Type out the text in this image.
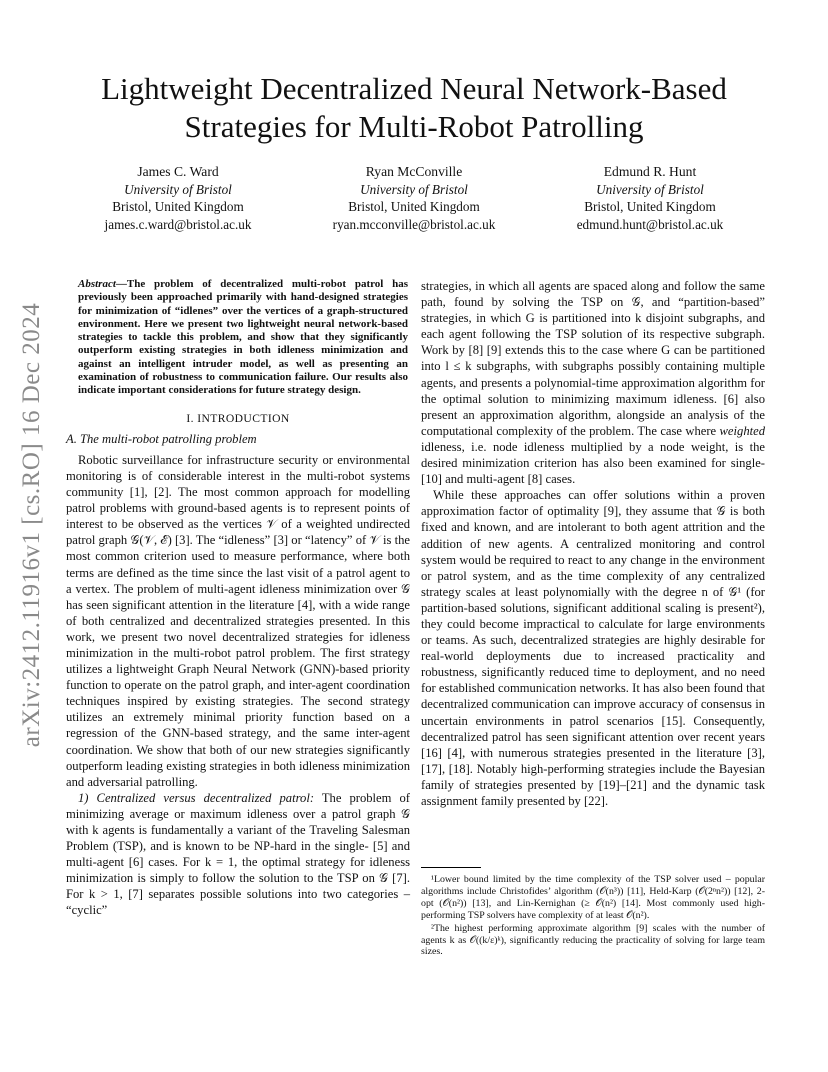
arXiv:2412.11916v1 [cs.RO] 16 Dec 2024
Lightweight Decentralized Neural Network-Based
Strategies for Multi-Robot Patrolling
James C. Ward
University of Bristol
Bristol, United Kingdom
james.c.ward@bristol.ac.uk
Ryan McConville
University of Bristol
Bristol, United Kingdom
ryan.mcconville@bristol.ac.uk
Edmund R. Hunt
University of Bristol
Bristol, United Kingdom
edmund.hunt@bristol.ac.uk

Abstract—The problem of decentralized multi-robot patrol has previously been approached primarily with hand-designed strategies for minimization of “idlenes” over the vertices of a graph-structured environment. Here we present two lightweight neural network-based strategies to tackle this problem, and show that they significantly outperform existing strategies in both idleness minimization and against an intelligent intruder model, as well as presenting an examination of robustness to communication failure. Our results also indicate important considerations for future strategy design.

I. INTRODUCTION
A. The multi-robot patrolling problem

Robotic surveillance for infrastructure security or environmental monitoring is of considerable interest in the multi-robot systems community [1], [2]. The most common approach for modelling patrol problems with ground-based agents is to represent points of interest to be observed as the vertices 𝒱 of a weighted undirected patrol graph 𝒢(𝒱, ℰ) [3]. The “idleness” [3] or “latency” of 𝒱 is the most common criterion used to measure performance, where both terms are defined as the time since the last visit of a patrol agent to a vertex. The problem of multi-agent idleness minimization over 𝒢 has seen significant attention in the literature [4], with a wide range of both centralized and decentralized strategies presented. In this work, we present two novel decentralized strategies for idleness minimization in the multi-robot patrol problem. The first strategy utilizes a lightweight Graph Neural Network (GNN)-based priority function to operate on the patrol graph, and inter-agent coordination techniques inspired by existing strategies. The second strategy utilizes an extremely minimal priority function based on a regression of the GNN-based strategy, and the same inter-agent coordination. We show that both of our new strategies significantly outperform leading existing strategies in both idleness minimization and adversarial patrolling.

1) Centralized versus decentralized patrol: The problem of minimizing average or maximum idleness over a patrol graph 𝒢 with k agents is fundamentally a variant of the Traveling Salesman Problem (TSP), and is known to be NP-hard in the single- [5] and multi-agent [6] cases. For k = 1, the optimal strategy for idleness minimization is simply to follow the solution to the TSP on 𝒢 [7]. For k > 1, [7] separates possible solutions into two categories – “cyclic”

strategies, in which all agents are spaced along and follow the same path, found by solving the TSP on 𝒢, and “partition-based” strategies, in which G is partitioned into k disjoint subgraphs, and each agent following the TSP solution of its respective subgraph. Work by [8] [9] extends this to the case where G can be partitioned into l ≤ k subgraphs, with subgraphs possibly containing multiple agents, and presents a polynomial-time approximation algorithm for the optimal solution to minimizing maximum idleness. [6] also present an approximation algorithm, alongside an analysis of the computational complexity of the problem. The case where weighted idleness, i.e. node idleness multiplied by a node weight, is the desired minimization criterion has also been examined for single- [10] and multi-agent [8] cases.

While these approaches can offer solutions within a proven approximation factor of optimality [9], they assume that 𝒢 is both fixed and known, and are intolerant to both agent attrition and the addition of new agents. A centralized monitoring and control system would be required to react to any change in the environment or patrol system, and as the time complexity of any centralized strategy scales at least polynomially with the degree n of 𝒢¹ (for partition-based solutions, significant additional scaling is present²), they could become impractical to calculate for large environments or teams. As such, decentralized strategies are highly desirable for real-world deployments due to increased practicality and robustness, significantly reduced time to deployment, and no need for established communication networks. It has also been found that decentralized communication can improve accuracy of consensus in uncertain environments in patrol scenarios [15]. Consequently, decentralized patrol has seen significant attention over recent years [16] [4], with numerous strategies presented in the literature [3], [17], [18]. Notably high-performing strategies include the Bayesian family of strategies presented by [19]–[21] and the dynamic task assignment family presented by [22].

¹Lower bound limited by the time complexity of the TSP solver used – popular algorithms include Christofides’ algorithm (𝒪(n³)) [11], Held-Karp (𝒪(2ⁿn²)) [12], 2-opt (𝒪(n²)) [13], and Lin-Kernighan (≥ 𝒪(n²) [14]. Most commonly used high-performing TSP solvers have complexity of at least 𝒪(n²).

²The highest performing approximate algorithm [9] scales with the number of agents k as 𝒪((k/ε)ᵏ), significantly reducing the practicality of solving for large team sizes.
